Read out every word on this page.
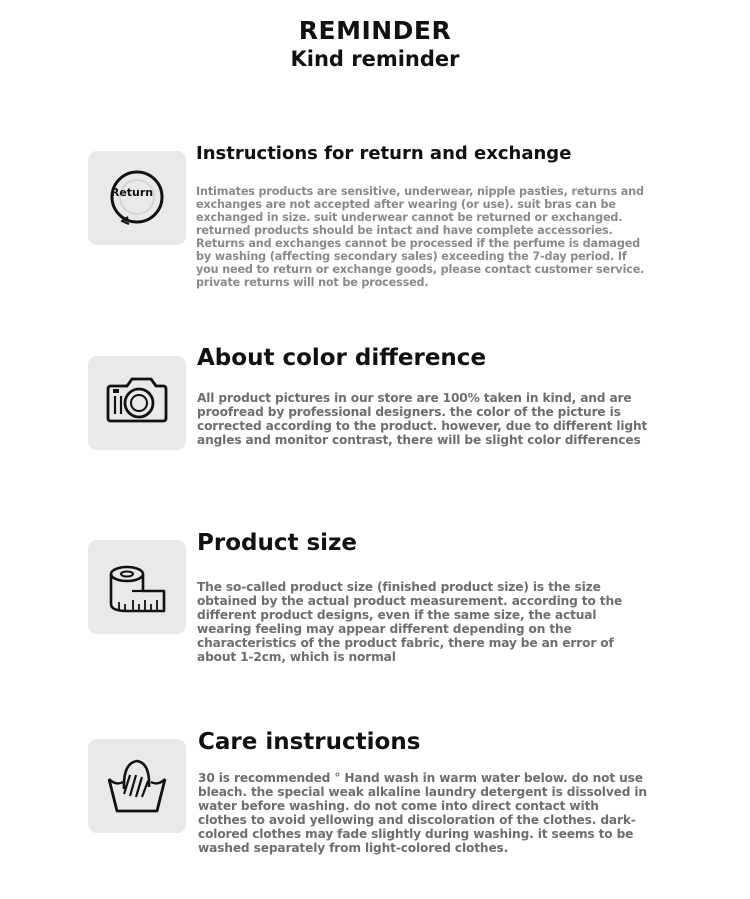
REMINDER
Kind reminder
Return
Instructions for return and exchange
Intimates products are sensitive, underwear, nipple pasties, returns and exchanges are not accepted after wearing (or use). suit bras can be exchanged in size. suit underwear cannot be returned or exchanged. returned products should be intact and have complete accessories. Returns and exchanges cannot be processed if the perfume is damaged by washing (affecting secondary sales) exceeding the 7-day period. If you need to return or exchange goods, please contact customer service. private returns will not be processed.
About color difference
All product pictures in our store are 100% taken in kind, and are proofread by professional designers. the color of the picture is corrected according to the product. however, due to different light angles and monitor contrast, there will be slight color differences
Product size
The so-called product size (finished product size) is the size obtained by the actual product measurement. according to the different product designs, even if the same size, the actual wearing feeling may appear different depending on the characteristics of the product fabric, there may be an error of about 1-2cm, which is normal
Care instructions
30 is recommended ° Hand wash in warm water below. do not use bleach. the special weak alkaline laundry detergent is dissolved in water before washing. do not come into direct contact with clothes to avoid yellowing and discoloration of the clothes. dark-colored clothes may fade slightly during washing. it seems to be washed separately from light-colored clothes.
